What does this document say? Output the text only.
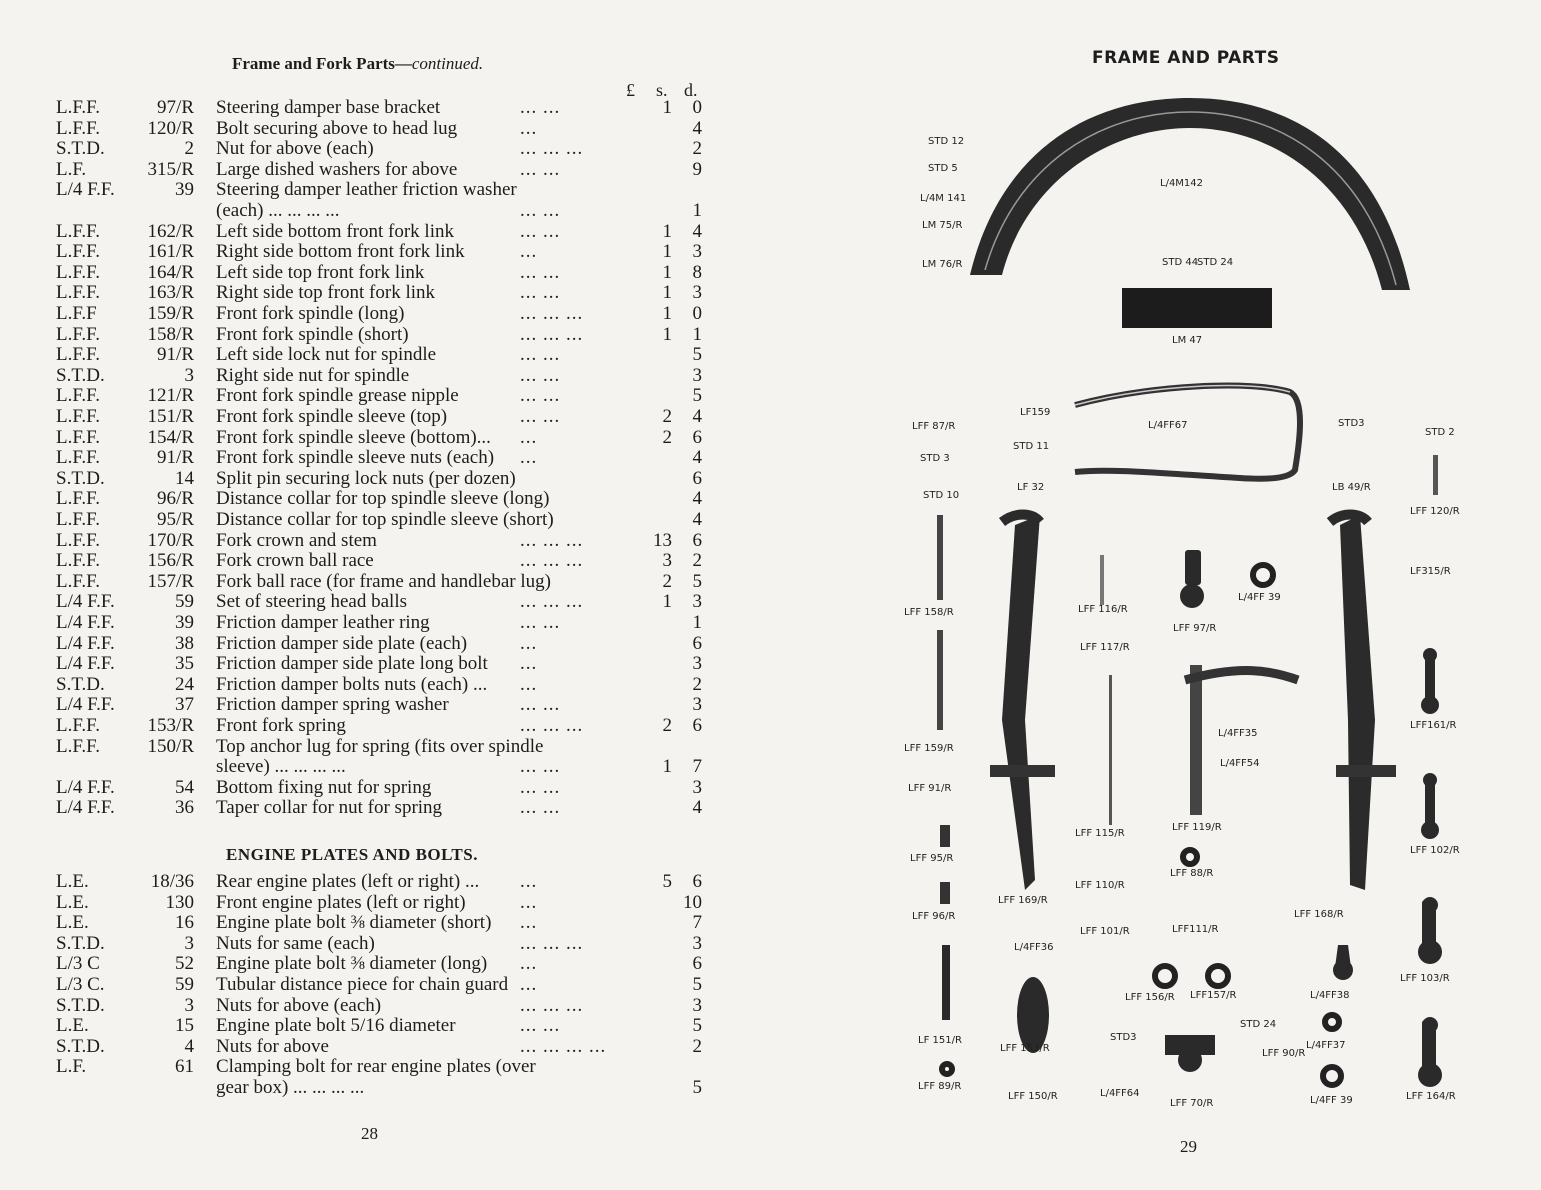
Frame and Fork Parts—continued.
£ s. d.
L.F.F.	97/R Steering damper base bracket	... ...	1	0
L.F.F.	120/R Bolt securing above to head lug	...	4
S.T.D.	2 Nut for above (each)	... ... ...	2
L.F.	315/R Large dished washers for above	... ...	9
L/4 F.F.	39 Steering damper leather friction washer
(each) ... ... ... ...	... ...	1
L.F.F.	162/R Left side bottom front fork link	... ...	1	4
L.F.F.	161/R Right side bottom front fork link	...	1	3
L.F.F.	164/R Left side top front fork link	... ...	1	8
L.F.F.	163/R Right side top front fork link	... ...	1	3
L.F.F	159/R Front fork spindle (long)	... ... ...	1	0
L.F.F.	158/R Front fork spindle (short)	... ... ...	1	1
L.F.F.	91/R Left side lock nut for spindle	... ...	5
S.T.D.	3 Right side nut for spindle	... ...	3
L.F.F.	121/R Front fork spindle grease nipple	... ...	5
L.F.F.	151/R Front fork spindle sleeve (top)	... ...	2	4
L.F.F.	154/R Front fork spindle sleeve (bottom)... ...	2	6
L.F.F.	91/R Front fork spindle sleeve nuts (each) ...	4
S.T.D.	14 Split pin securing lock nuts (per dozen)	6
L.F.F.	96/R Distance collar for top spindle sleeve (long)	4
L.F.F.	95/R Distance collar for top spindle sleeve (short)	4
L.F.F.	170/R Fork crown and stem	... ... ...	13	6
L.F.F.	156/R Fork crown ball race	... ... ...	3	2
L.F.F.	157/R Fork ball race (for frame and handlebar lug)	2	5
L/4 F.F.	59 Set of steering head balls	... ... ...	1	3
L/4 F.F.	39 Friction damper leather ring	... ...	1
L/4 F.F.	38 Friction damper side plate (each)	...	6
L/4 F.F.	35 Friction damper side plate long bolt ...	3
S.T.D.	24 Friction damper bolts nuts (each) ... ...	2
L/4 F.F.	37 Friction damper spring washer	... ...	3
L.F.F.	153/R Front fork spring	... ... ...	2	6
L.F.F.	150/R Top anchor lug for spring (fits over spindle
sleeve) ... ... ... ...	... ...	1	7
L/4 F.F.	54 Bottom fixing nut for spring	... ...	3
L/4 F.F.	36 Taper collar for nut for spring	... ...	4
ENGINE PLATES AND BOLTS.
L.E.	18/36 Rear engine plates (left or right) ... ...	5	6
L.E.	130 Front engine plates (left or right)	...	10
L.E.	16 Engine plate bolt ⅜ diameter (short) ...	7
S.T.D.	3 Nuts for same (each)	... ... ...	3
L/3 C	52 Engine plate bolt ⅜ diameter (long) ...	6
L/3 C.	59 Tubular distance piece for chain guard ...	5
S.T.D.	3 Nuts for above (each)	... ... ...	3
L.E.	15 Engine plate bolt 5/16 diameter	... ...	5
S.T.D.	4 Nuts for above	... ... ... ...	2
L.F.	61 Clamping bolt for rear engine plates (over
gear box) ... ... ... ...	5
28
FRAME AND PARTS
STD 12
STD 5
L/4M 141
LM 75/R
LM 76/R
L/4M142
STD 44
STD 24
LM 47
LFF 87/R
LF159
STD 11
STD 3
LF 32
STD 10
L/4FF67	STD3
STD 2
LB 49/R
LFF 120/R
LF315/R
LFF 158/R	LFF 116/R
LFF 97/R
L/4FF 39
LFF 117/R
LFF 159/R
L/4FF35
L/4FF54
LFF161/R
LFF 91/R
LFF 115/R
LFF 119/R
LFF 95/R
LFF 102/R
LFF 88/R
LFF 110/R
LFF 96/R
LFF 169/R
LFF 168/R
LFF 101/R	LFF111/R
L/4FF36
LFF 103/R
LFF 156/R LFF157/R	L/4FF38
STD 24
LF 151/R	STD3
L/4FF37
LFF 153/R	LFF 90/R
LFF 89/R
LFF 150/R	L/4FF64
LFF 70/R	L/4FF 39	LFF 164/R
29
